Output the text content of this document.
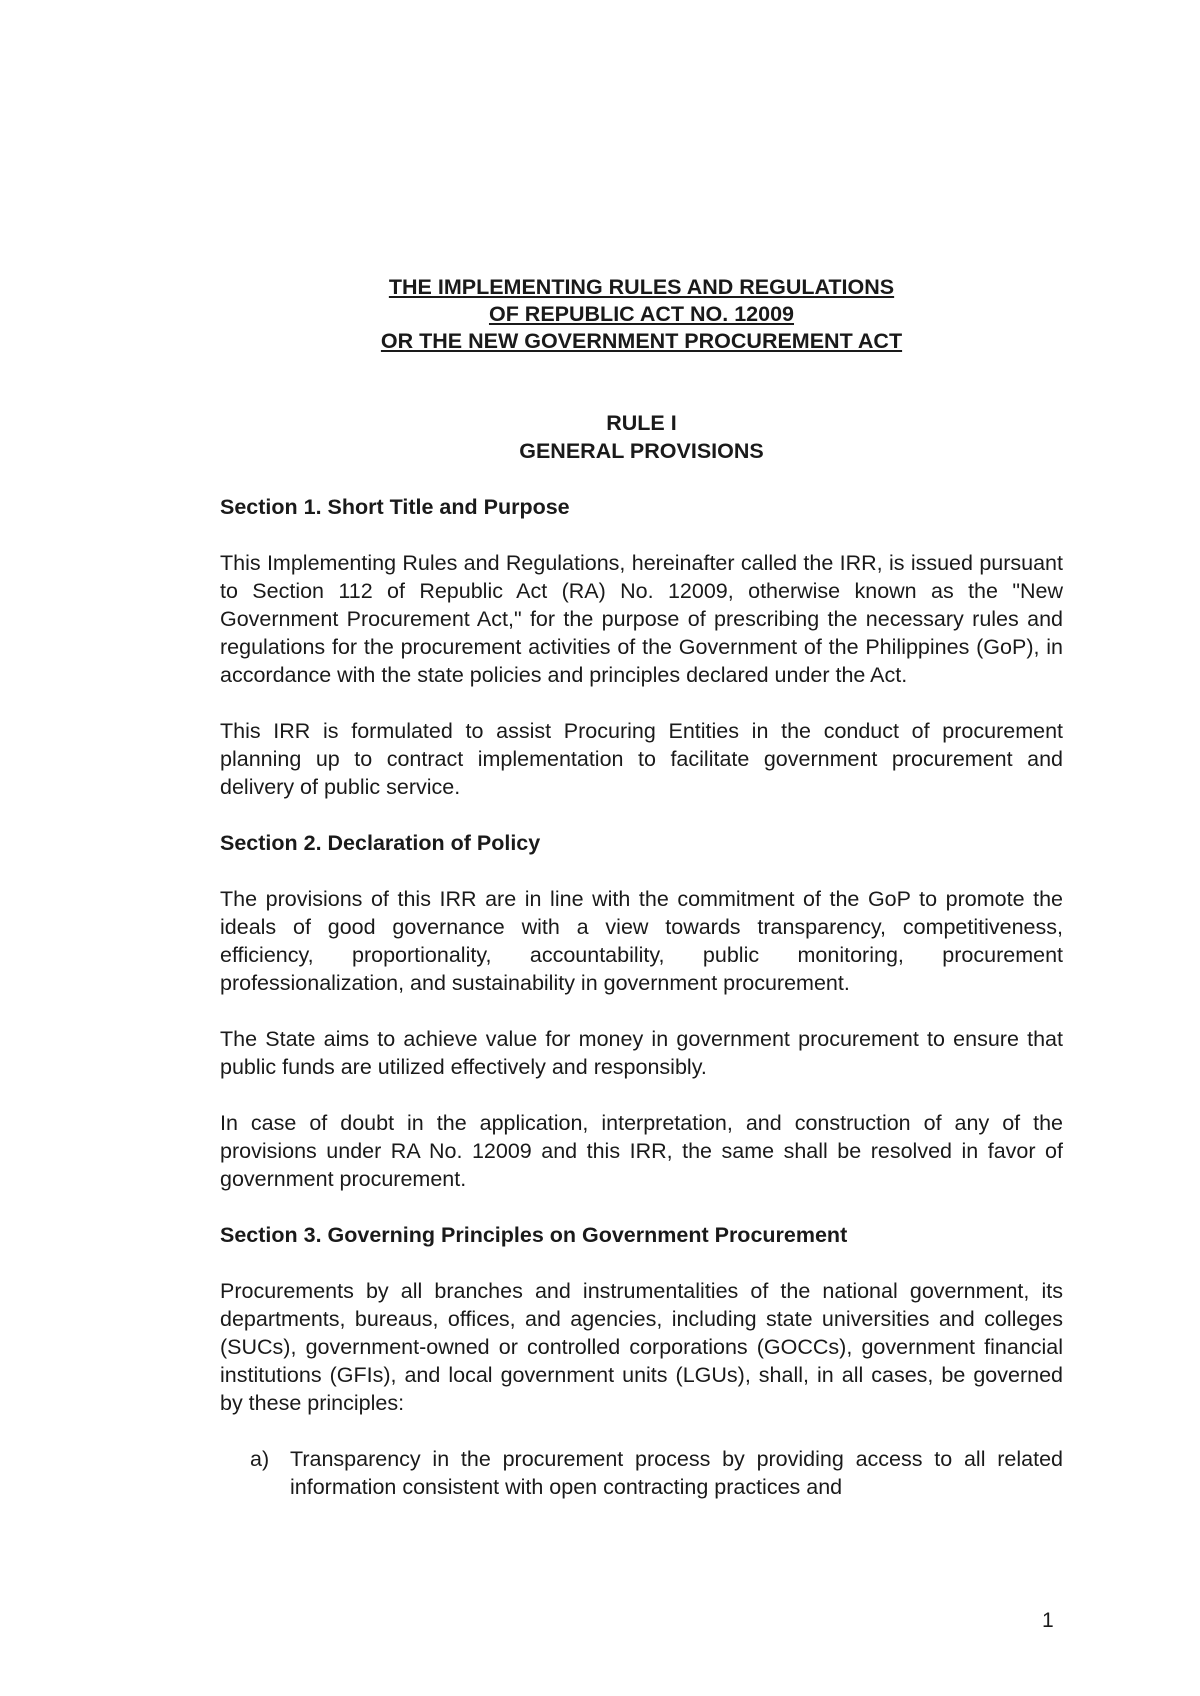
THE IMPLEMENTING RULES AND REGULATIONS
OF REPUBLIC ACT NO. 12009
OR THE NEW GOVERNMENT PROCUREMENT ACT
RULE I
GENERAL PROVISIONS
Section 1. Short Title and Purpose
This Implementing Rules and Regulations, hereinafter called the IRR, is issued pursuant to Section 112 of Republic Act (RA) No. 12009, otherwise known as the "New Government Procurement Act," for the purpose of prescribing the necessary rules and regulations for the procurement activities of the Government of the Philippines (GoP), in accordance with the state policies and principles declared under the Act.
This IRR is formulated to assist Procuring Entities in the conduct of procurement planning up to contract implementation to facilitate government procurement and delivery of public service.
Section 2. Declaration of Policy
The provisions of this IRR are in line with the commitment of the GoP to promote the ideals of good governance with a view towards transparency, competitiveness, efficiency, proportionality, accountability, public monitoring, procurement professionalization, and sustainability in government procurement.
The State aims to achieve value for money in government procurement to ensure that public funds are utilized effectively and responsibly.
In case of doubt in the application, interpretation, and construction of any of the provisions under RA No. 12009 and this IRR, the same shall be resolved in favor of government procurement.
Section 3. Governing Principles on Government Procurement
Procurements by all branches and instrumentalities of the national government, its departments, bureaus, offices, and agencies, including state universities and colleges (SUCs), government-owned or controlled corporations (GOCCs), government financial institutions (GFIs), and local government units (LGUs), shall, in all cases, be governed by these principles:
a) Transparency in the procurement process by providing access to all related information consistent with open contracting practices and
1
